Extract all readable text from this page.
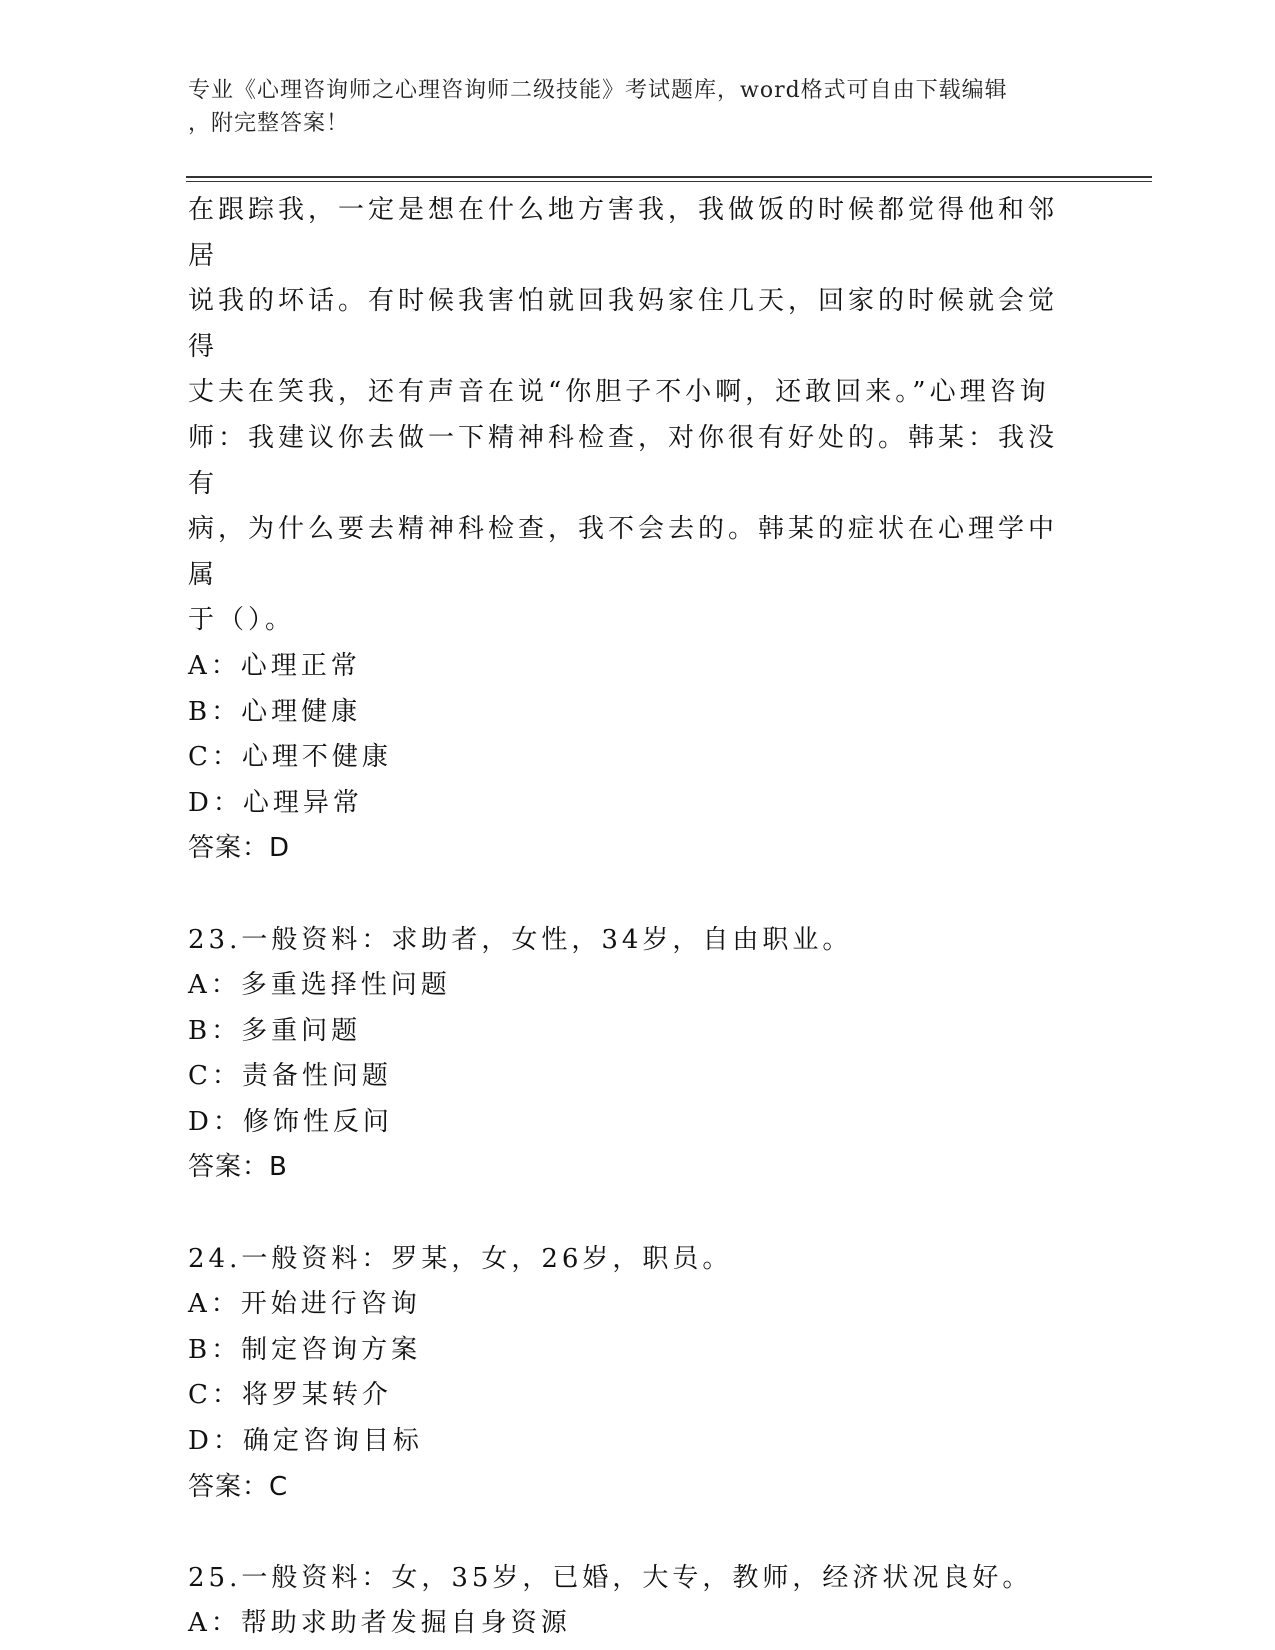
专业《心理咨询师之心理咨询师二级技能》考试题库，word格式可自由下载编辑
，附完整答案！

在跟踪我，一定是想在什么地方害我，我做饭的时候都觉得他和邻居
说我的坏话。有时候我害怕就回我妈家住几天，回家的时候就会觉得
丈夫在笑我，还有声音在说“你胆子不小啊，还敢回来。”心理咨询
师：我建议你去做一下精神科检查，对你很有好处的。韩某：我没有
病，为什么要去精神科检查，我不会去的。韩某的症状在心理学中属
于（）。

A：心理正常

B：心理健康

C：心理不健康

D：心理异常

答案：D

23.一般资料：求助者，女性，34岁，自由职业。

A：多重选择性问题

B：多重问题

C：责备性问题

D：修饰性反问

答案：B

24.一般资料：罗某，女，26岁，职员。

A：开始进行咨询

B：制定咨询方案

C：将罗某转介

D：确定咨询目标

答案：C

25.一般资料：女，35岁，已婚，大专，教师，经济状况良好。

A：帮助求助者发掘自身资源
